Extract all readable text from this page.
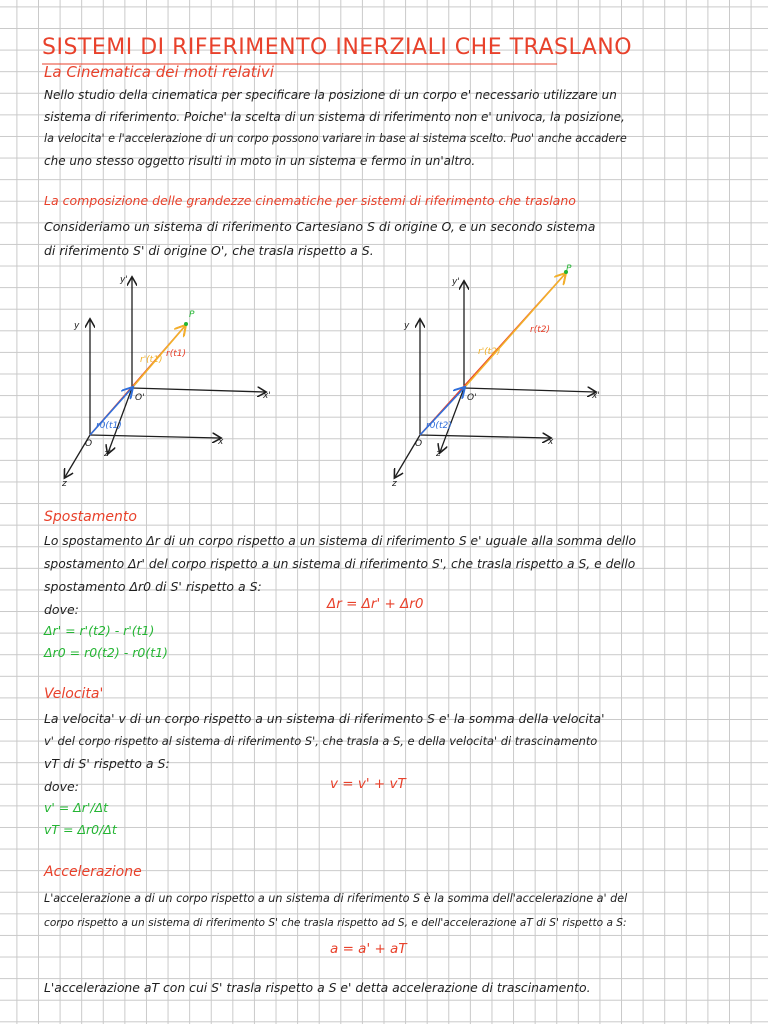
SISTEMI DI RIFERIMENTO INERZIALI CHE TRASLANO
La Cinematica dei moti relativi
Nello studio della cinematica per specificare la posizione di un corpo e' necessario utilizzare un
sistema di riferimento. Poiche' la scelta di un sistema di riferimento non e' univoca, la posizione,
la velocita' e l'accelerazione di un corpo possono variare in base al sistema scelto. Puo' anche accadere
che uno stesso oggetto risulti in moto in un sistema e fermo in un'altro.
La composizione delle grandezze cinematiche per sistemi di riferimento che traslano
Consideriamo un sistema di riferimento Cartesiano S di origine O, e un secondo sistema
di riferimento S' di origine O', che trasla rispetto a S.
y
y'
x
x'
z
z'
O
O'
P
r(t1)
r'(t1)
r0(t1)
y
y'
x
x'
z
z'
O
O'
P
r(t2)
r'(t2)
r0(t2)
Spostamento
Lo spostamento Δr di un corpo rispetto a un sistema di riferimento S e' uguale alla somma dello
spostamento Δr' del corpo rispetto a un sistema di riferimento S', che trasla rispetto a S, e dello
spostamento Δr0 di S' rispetto a S:
Δr = Δr' + Δr0
dove:
Δr' = r'(t2) - r'(t1)
Δr0 = r0(t2) - r0(t1)
Velocita'
La velocita' v di un corpo rispetto a un sistema di riferimento S e' la somma della velocita'
v' del corpo rispetto al sistema di riferimento S', che trasla a S, e della velocita' di trascinamento
vT di S' rispetto a S:
v = v' + vT
dove:
v' = Δr'/Δt
vT = Δr0/Δt
Accelerazione
L'accelerazione a di un corpo rispetto a un sistema di riferimento S è la somma dell'accelerazione a' del
corpo rispetto a un sistema di riferimento S' che trasla rispetto ad S, e dell'accelerazione aT di S' rispetto a S:
a = a' + aT
L'accelerazione aT con cui S' trasla rispetto a S e' detta accelerazione di trascinamento.
